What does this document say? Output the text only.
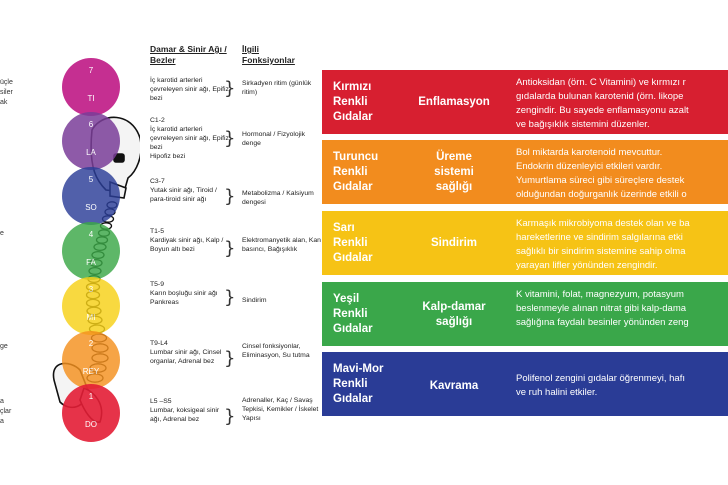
üçle
siler
ak
e
ge
a
çlar
a
7
TI
6
LA
5
SO
4
FA
3
MI
2
REY
1
DO
Damar & Sinir Ağı / Bezler
İlgili Fonksiyonlar
İç karotid arterleri çevreleyen sinir ağı, Epifiz bezi
C1-2
İç karotid arterleri çevreleyen sinir ağı, Epifiz bezi
Hipofiz bezi
C3-7
Yutak sinir ağı, Tiroid / para-tiroid sinir ağı
T1-5
Kardiyak sinir ağı, Kalp / Boyun altı bezi
T5-9
Karın boşluğu sinir ağı Pankreas
T9-L4
Lumbar sinir ağı, Cinsel organlar, Adrenal bez
L5 –S5
Lumbar, koksigeal sinir ağı, Adrenal bez
}
}
}
}
}
}
}
Sirkadyen ritim (günlük ritim)
Hormonal / Fizyolojik denge
Metabolizma / Kalsiyum dengesi
Elektromanyetik alan, Kan basıncı, Bağışıklık
Sindirim
Cinsel fonksiyonlar, Eliminasyon, Su tutma
Adrenaller, Kaç / Savaş Tepkisi, Kemikler / İskelet Yapısı
Kırmızı
Renkli
Gıdalar
Enflamasyon
Antioksidan (örn. C Vitamini) ve kırmızı r
gıdalarda bulunan karotenid (örn. likope
zengindir. Bu sayede enflamasyonu azalt
ve bağışıklık sistemini düzenler.
Turuncu
Renkli
Gıdalar
Üreme
sistemi
sağlığı
Bol miktarda karotenoid mevcuttur.
Endokrin düzenleyici etkileri vardır.
Yumurtlama süreci gibi süreçlere destek
olduğundan doğurganlık üzerinde etkili o
Sarı
Renkli
Gıdalar
Sindirim
Karmaşık mikrobiyoma destek olan ve ba
hareketlerine ve sindirim salgılarına etki
sağlıklı bir sindirim sistemine sahip olma
yarayan lifler yönünden zengindir.
Yeşil
Renkli
Gıdalar
Kalp-damar
sağlığı
K vitamini, folat, magnezyum, potasyum
beslenmeyle alınan nitrat gibi kalp-dama
sağlığına faydalı besinler yönünden zeng
Mavi-Mor
Renkli
Gıdalar
Kavrama
Polifenol zengini gıdalar öğrenmeyi, hafı
ve ruh halini etkiler.
